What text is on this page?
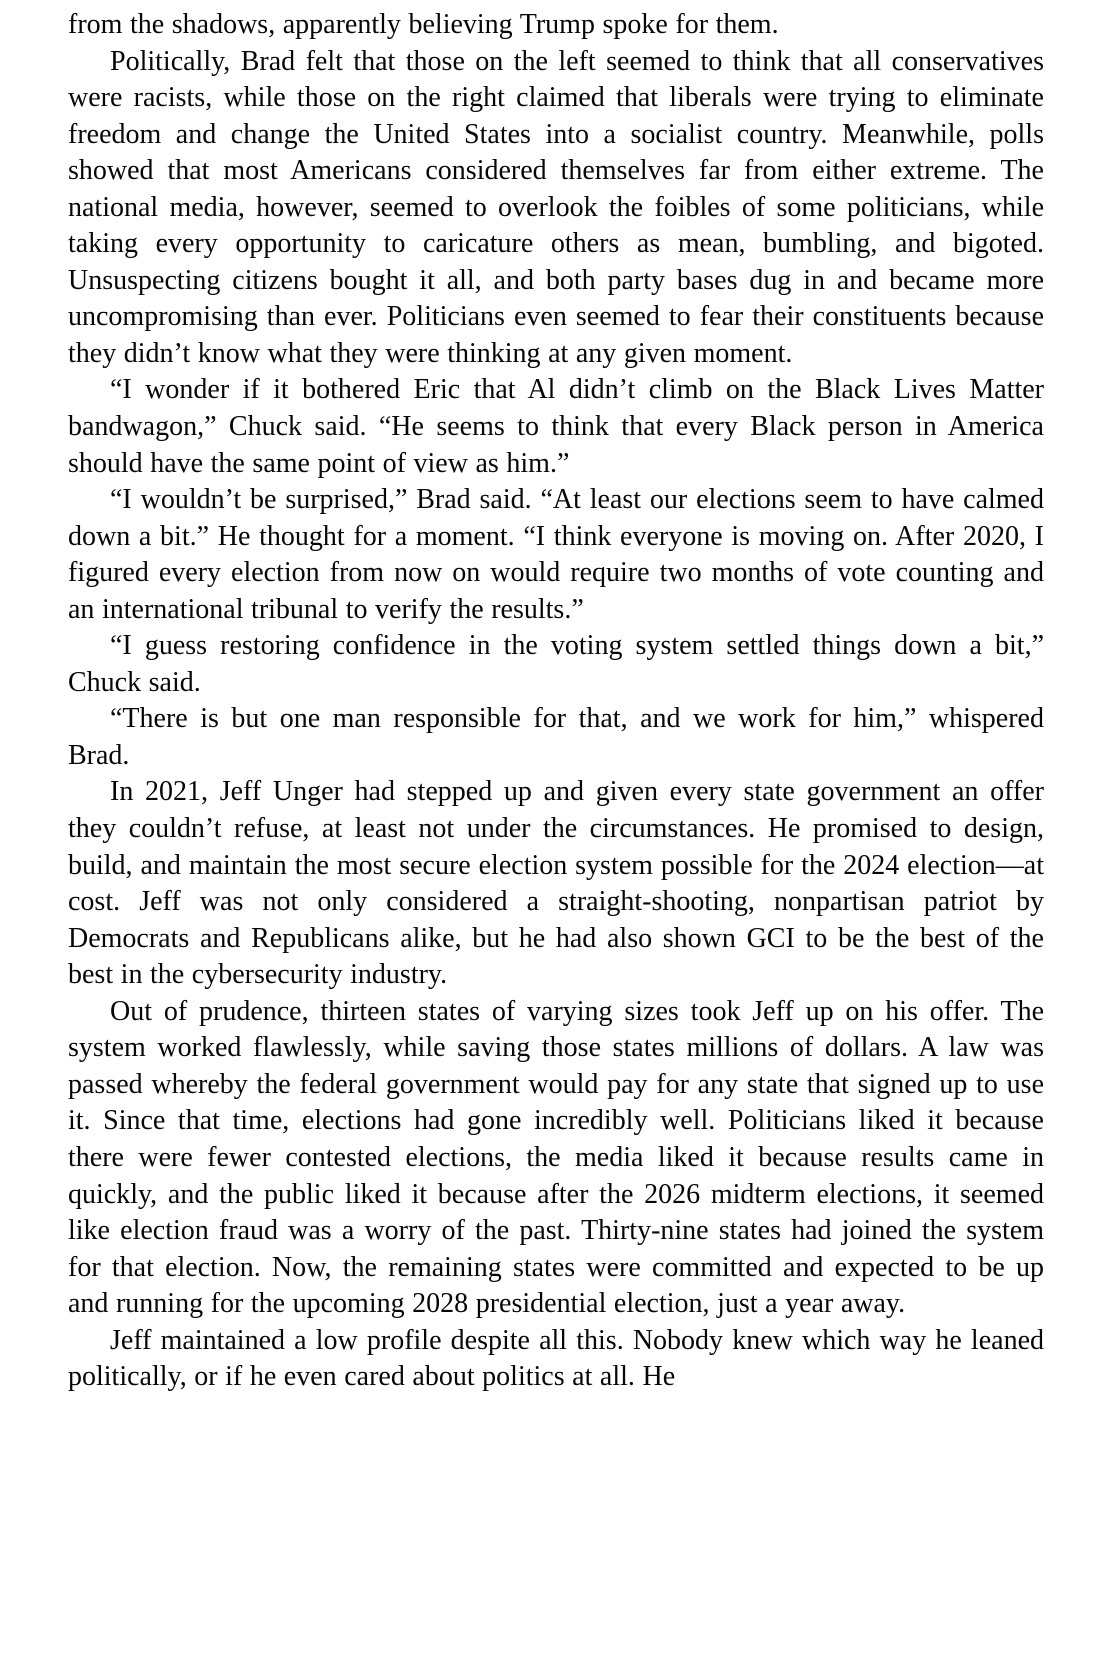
from the shadows, apparently believing Trump spoke for them.

Politically, Brad felt that those on the left seemed to think that all conservatives were racists, while those on the right claimed that liberals were trying to eliminate freedom and change the United States into a socialist country. Meanwhile, polls showed that most Americans considered themselves far from either extreme. The national media, however, seemed to overlook the foibles of some politicians, while taking every opportunity to caricature others as mean, bumbling, and bigoted. Unsuspecting citizens bought it all, and both party bases dug in and became more uncompromising than ever. Politicians even seemed to fear their constituents because they didn’t know what they were thinking at any given moment.

“I wonder if it bothered Eric that Al didn’t climb on the Black Lives Matter bandwagon,” Chuck said. “He seems to think that every Black person in America should have the same point of view as him.”

“I wouldn’t be surprised,” Brad said. “At least our elections seem to have calmed down a bit.” He thought for a moment. “I think everyone is moving on. After 2020, I figured every election from now on would require two months of vote counting and an international tribunal to verify the results.”

“I guess restoring confidence in the voting system settled things down a bit,” Chuck said.

“There is but one man responsible for that, and we work for him,” whispered Brad.

In 2021, Jeff Unger had stepped up and given every state government an offer they couldn’t refuse, at least not under the circumstances. He promised to design, build, and maintain the most secure election system possible for the 2024 election—at cost. Jeff was not only considered a straight-shooting, nonpartisan patriot by Democrats and Republicans alike, but he had also shown GCI to be the best of the best in the cybersecurity industry.

Out of prudence, thirteen states of varying sizes took Jeff up on his offer. The system worked flawlessly, while saving those states millions of dollars. A law was passed whereby the federal government would pay for any state that signed up to use it. Since that time, elections had gone incredibly well. Politicians liked it because there were fewer contested elections, the media liked it because results came in quickly, and the public liked it because after the 2026 midterm elections, it seemed like election fraud was a worry of the past. Thirty-nine states had joined the system for that election. Now, the remaining states were committed and expected to be up and running for the upcoming 2028 presidential election, just a year away.

Jeff maintained a low profile despite all this. Nobody knew which way he leaned politically, or if he even cared about politics at all. He
